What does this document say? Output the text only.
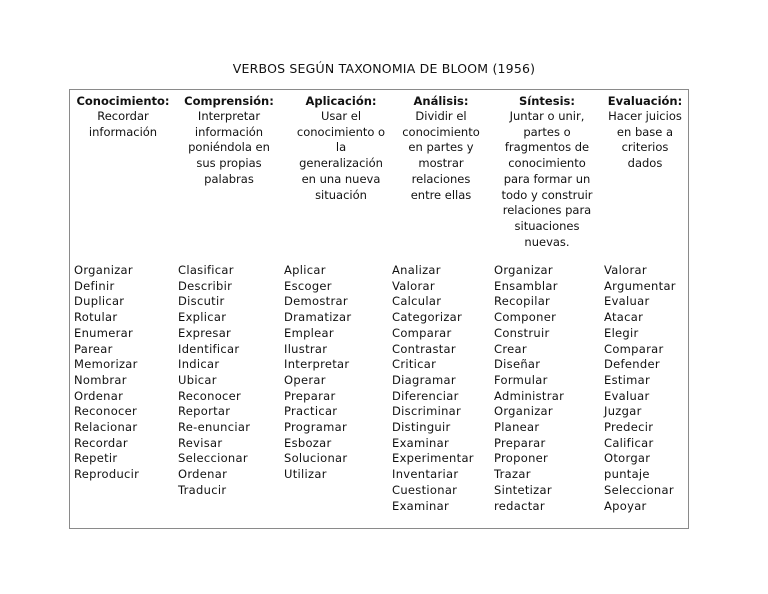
VERBOS SEGÚN TAXONOMIA DE BLOOM (1956)
Conocimiento:
Recordar
información
Organizar
Definir
Duplicar
Rotular
Enumerar
Parear
Memorizar
Nombrar
Ordenar
Reconocer
Relacionar
Recordar
Repetir
Reproducir
Comprensión:
Interpretar
información
poniéndola en
sus propias
palabras
Clasificar
Describir
Discutir
Explicar
Expresar
Identificar
Indicar
Ubicar
Reconocer
Reportar
Re-enunciar
Revisar
Seleccionar
Ordenar
Traducir
Aplicación:
Usar el
conocimiento o
la
generalización
en una nueva
situación
Aplicar
Escoger
Demostrar
Dramatizar
Emplear
Ilustrar
Interpretar
Operar
Preparar
Practicar
Programar
Esbozar
Solucionar
Utilizar
Análisis:
Dividir el
conocimiento
en partes y
mostrar
relaciones
entre ellas
Analizar
Valorar
Calcular
Categorizar
Comparar
Contrastar
Criticar
Diagramar
Diferenciar
Discriminar
Distinguir
Examinar
Experimentar
Inventariar
Cuestionar
Examinar
Síntesis:
Juntar o unir,
partes o
fragmentos de
conocimiento
para formar un
todo y construir
relaciones para
situaciones
nuevas.
Organizar
Ensamblar
Recopilar
Componer
Construir
Crear
Diseñar
Formular
Administrar
Organizar
Planear
Preparar
Proponer
Trazar
Sintetizar
redactar
Evaluación:
Hacer juicios
en base a
criterios
dados
Valorar
Argumentar
Evaluar
Atacar
Elegir
Comparar
Defender
Estimar
Evaluar
Juzgar
Predecir
Calificar
Otorgar
puntaje
Seleccionar
Apoyar
